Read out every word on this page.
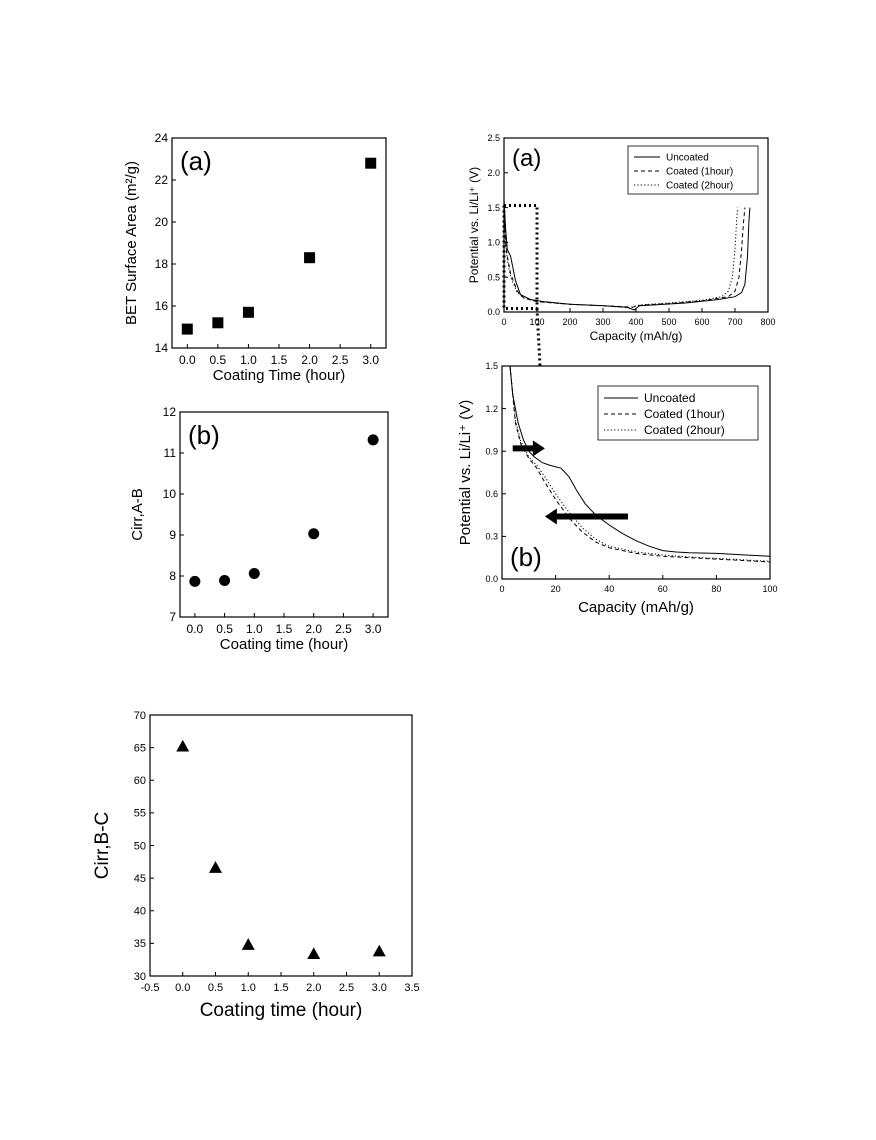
0.0 0.5 1.0 1.5 2.0 2.5 3.0
14
16
18
20
22
24
Coating Time (hour)
BET Surface Area (m²/g)
(a)
0.0 0.5 1.0 1.5 2.0 2.5 3.0
7
8
9
10
11
12
Coating time (hour)
Cirr,A-B
(b)
-0.5 0.0 0.5 1.0 1.5 2.0 2.5 3.0 3.5
30
35
40
45
50
55
60
65
70
Coating time (hour)
Cirr,B-C
0	100 200 300 400 500 600 700 800
0.0
0.5
1.0
1.5
2.0
2.5
Capacity (mAh/g)
Potential vs. Li/Li⁺ (V)
(a)	Uncoated
Coated (1hour)
Coated (2hour)
0	20	40	60	80	100
0.0
0.3
0.6
0.9
1.2
1.5
Capacity (mAh/g)
Potential vs. Li/Li⁺ (V)
(b)
Uncoated
Coated (1hour)
Coated (2hour)
